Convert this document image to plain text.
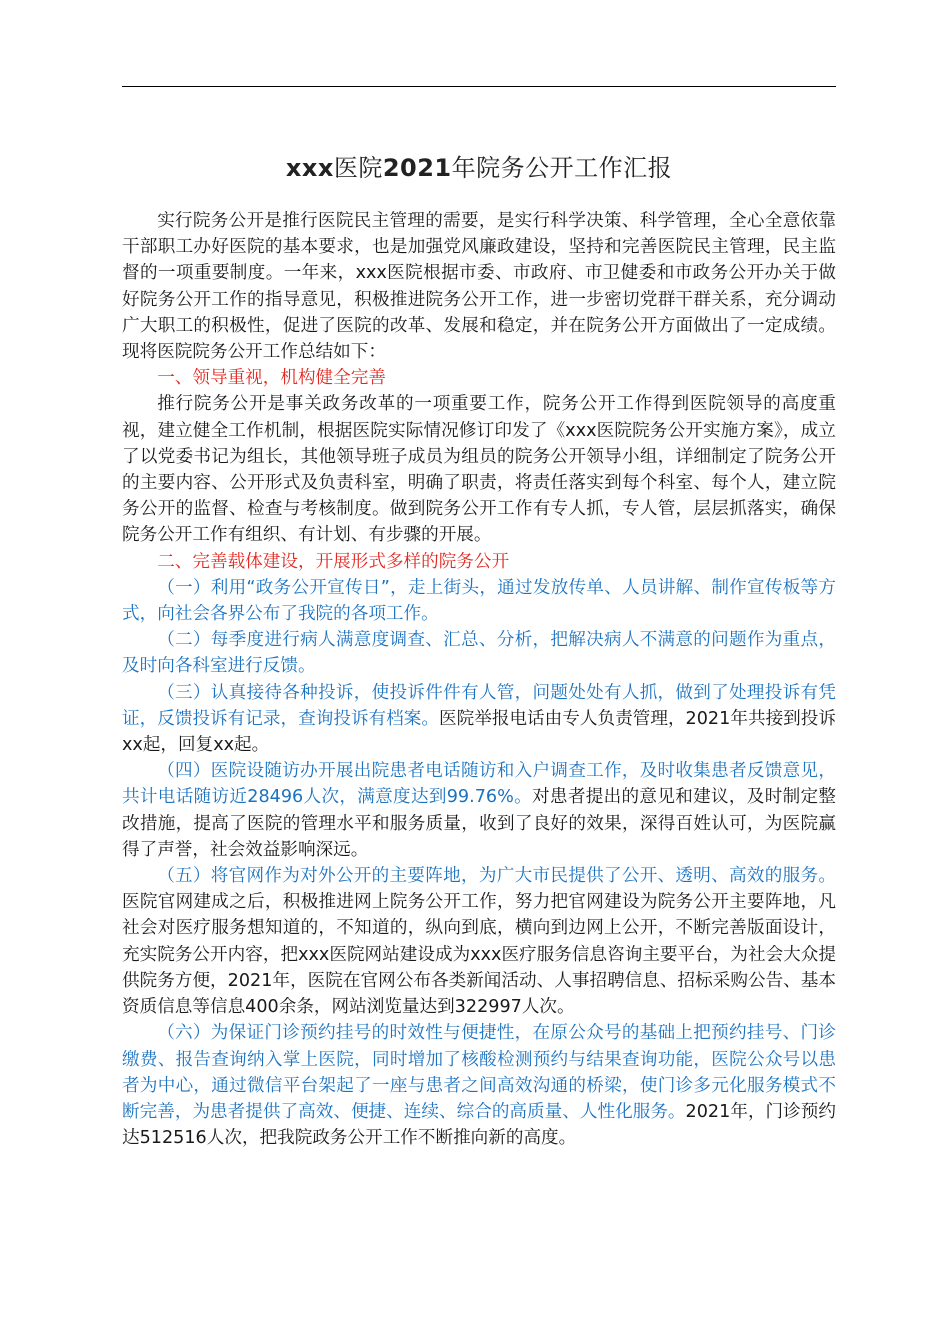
xxx医院2021年院务公开工作汇报

实行院务公开是推行医院民主管理的需要，是实行科学决策、科学管理，全心全意依靠干部职工办好医院的基本要求，也是加强党风廉政建设，坚持和完善医院民主管理，民主监督的一项重要制度。一年来，xxx医院根据市委、市政府、市卫健委和市政务公开办关于做好院务公开工作的指导意见，积极推进院务公开工作，进一步密切党群干群关系，充分调动广大职工的积极性，促进了医院的改革、发展和稳定，并在院务公开方面做出了一定成绩。现将医院院务公开工作总结如下：

一、领导重视，机构健全完善

推行院务公开是事关政务改革的一项重要工作，院务公开工作得到医院领导的高度重视，建立健全工作机制，根据医院实际情况修订印发了《xxx医院院务公开实施方案》，成立了以党委书记为组长，其他领导班子成员为组员的院务公开领导小组，详细制定了院务公开的主要内容、公开形式及负责科室，明确了职责，将责任落实到每个科室、每个人，建立院务公开的监督、检查与考核制度。做到院务公开工作有专人抓，专人管，层层抓落实，确保院务公开工作有组织、有计划、有步骤的开展。

二、完善载体建设，开展形式多样的院务公开

（一）利用“政务公开宣传日”，走上街头，通过发放传单、人员讲解、制作宣传板等方式，向社会各界公布了我院的各项工作。

（二）每季度进行病人满意度调查、汇总、分析，把解决病人不满意的问题作为重点，及时向各科室进行反馈。

（三）认真接待各种投诉，使投诉件件有人管，问题处处有人抓，做到了处理投诉有凭证，反馈投诉有记录，查询投诉有档案。医院举报电话由专人负责管理，2021年共接到投诉xx起，回复xx起。

（四）医院设随访办开展出院患者电话随访和入户调查工作，及时收集患者反馈意见，共计电话随访近28496人次，满意度达到99.76%。对患者提出的意见和建议，及时制定整改措施，提高了医院的管理水平和服务质量，收到了良好的效果，深得百姓认可，为医院赢得了声誉，社会效益影响深远。

（五）将官网作为对外公开的主要阵地，为广大市民提供了公开、透明、高效的服务。医院官网建成之后，积极推进网上院务公开工作，努力把官网建设为院务公开主要阵地，凡社会对医疗服务想知道的，不知道的，纵向到底，横向到边网上公开，不断完善版面设计，充实院务公开内容，把xxx医院网站建设成为xxx医疗服务信息咨询主要平台，为社会大众提供院务方便，2021年，医院在官网公布各类新闻活动、人事招聘信息、招标采购公告、基本资质信息等信息400余条，网站浏览量达到322997人次。

（六）为保证门诊预约挂号的时效性与便捷性，在原公众号的基础上把预约挂号、门诊缴费、报告查询纳入掌上医院，同时增加了核酸检测预约与结果查询功能，医院公众号以患者为中心，通过微信平台架起了一座与患者之间高效沟通的桥梁，使门诊多元化服务模式不断完善，为患者提供了高效、便捷、连续、综合的高质量、人性化服务。2021年，门诊预约达512516人次，把我院政务公开工作不断推向新的高度。
